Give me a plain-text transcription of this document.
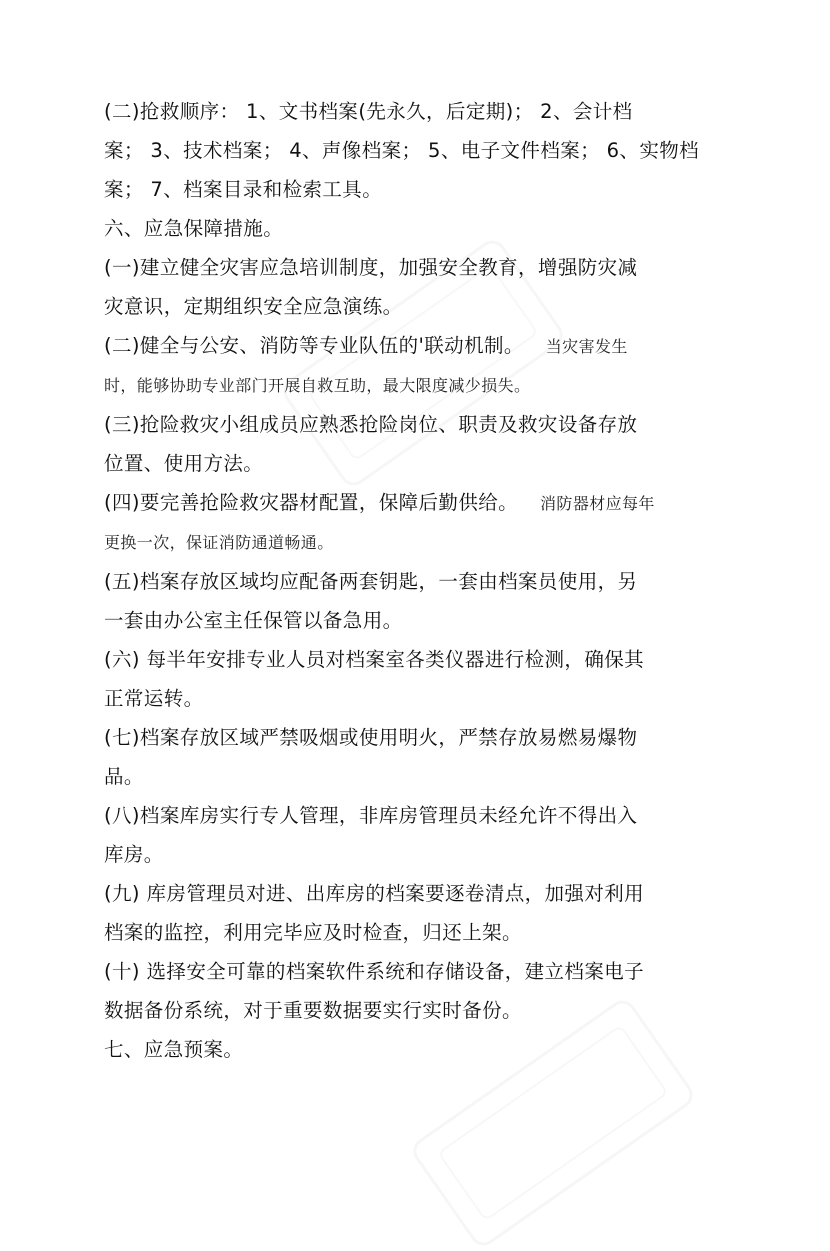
(二)抢救顺序： 1、文书档案(先永久，后定期)； 2、会计档
案； 3、技术档案； 4、声像档案； 5、电子文件档案； 6、实物档
案； 7、档案目录和检索工具。
六、应急保障措施。
(一)建立健全灾害应急培训制度，加强安全教育，增强防灾减
灾意识，定期组织安全应急演练。
(二)健全与公安、消防等专业队伍的'联动机制。 当灾害发生
时，能够协助专业部门开展自救互助，最大限度减少损失。
(三)抢险救灾小组成员应熟悉抢险岗位、职责及救灾设备存放
位置、使用方法。
(四)要完善抢险救灾器材配置，保障后勤供给。 消防器材应每年
更换一次，保证消防通道畅通。
(五)档案存放区域均应配备两套钥匙，一套由档案员使用，另
一套由办公室主任保管以备急用。
(六) 每半年安排专业人员对档案室各类仪器进行检测，确保其
正常运转。
(七)档案存放区域严禁吸烟或使用明火，严禁存放易燃易爆物
品。
(八)档案库房实行专人管理，非库房管理员未经允许不得出入
库房。
(九) 库房管理员对进、出库房的档案要逐卷清点，加强对利用
档案的监控，利用完毕应及时检查，归还上架。
(十) 选择安全可靠的档案软件系统和存储设备，建立档案电子
数据备份系统，对于重要数据要实行实时备份。
七、应急预案。
